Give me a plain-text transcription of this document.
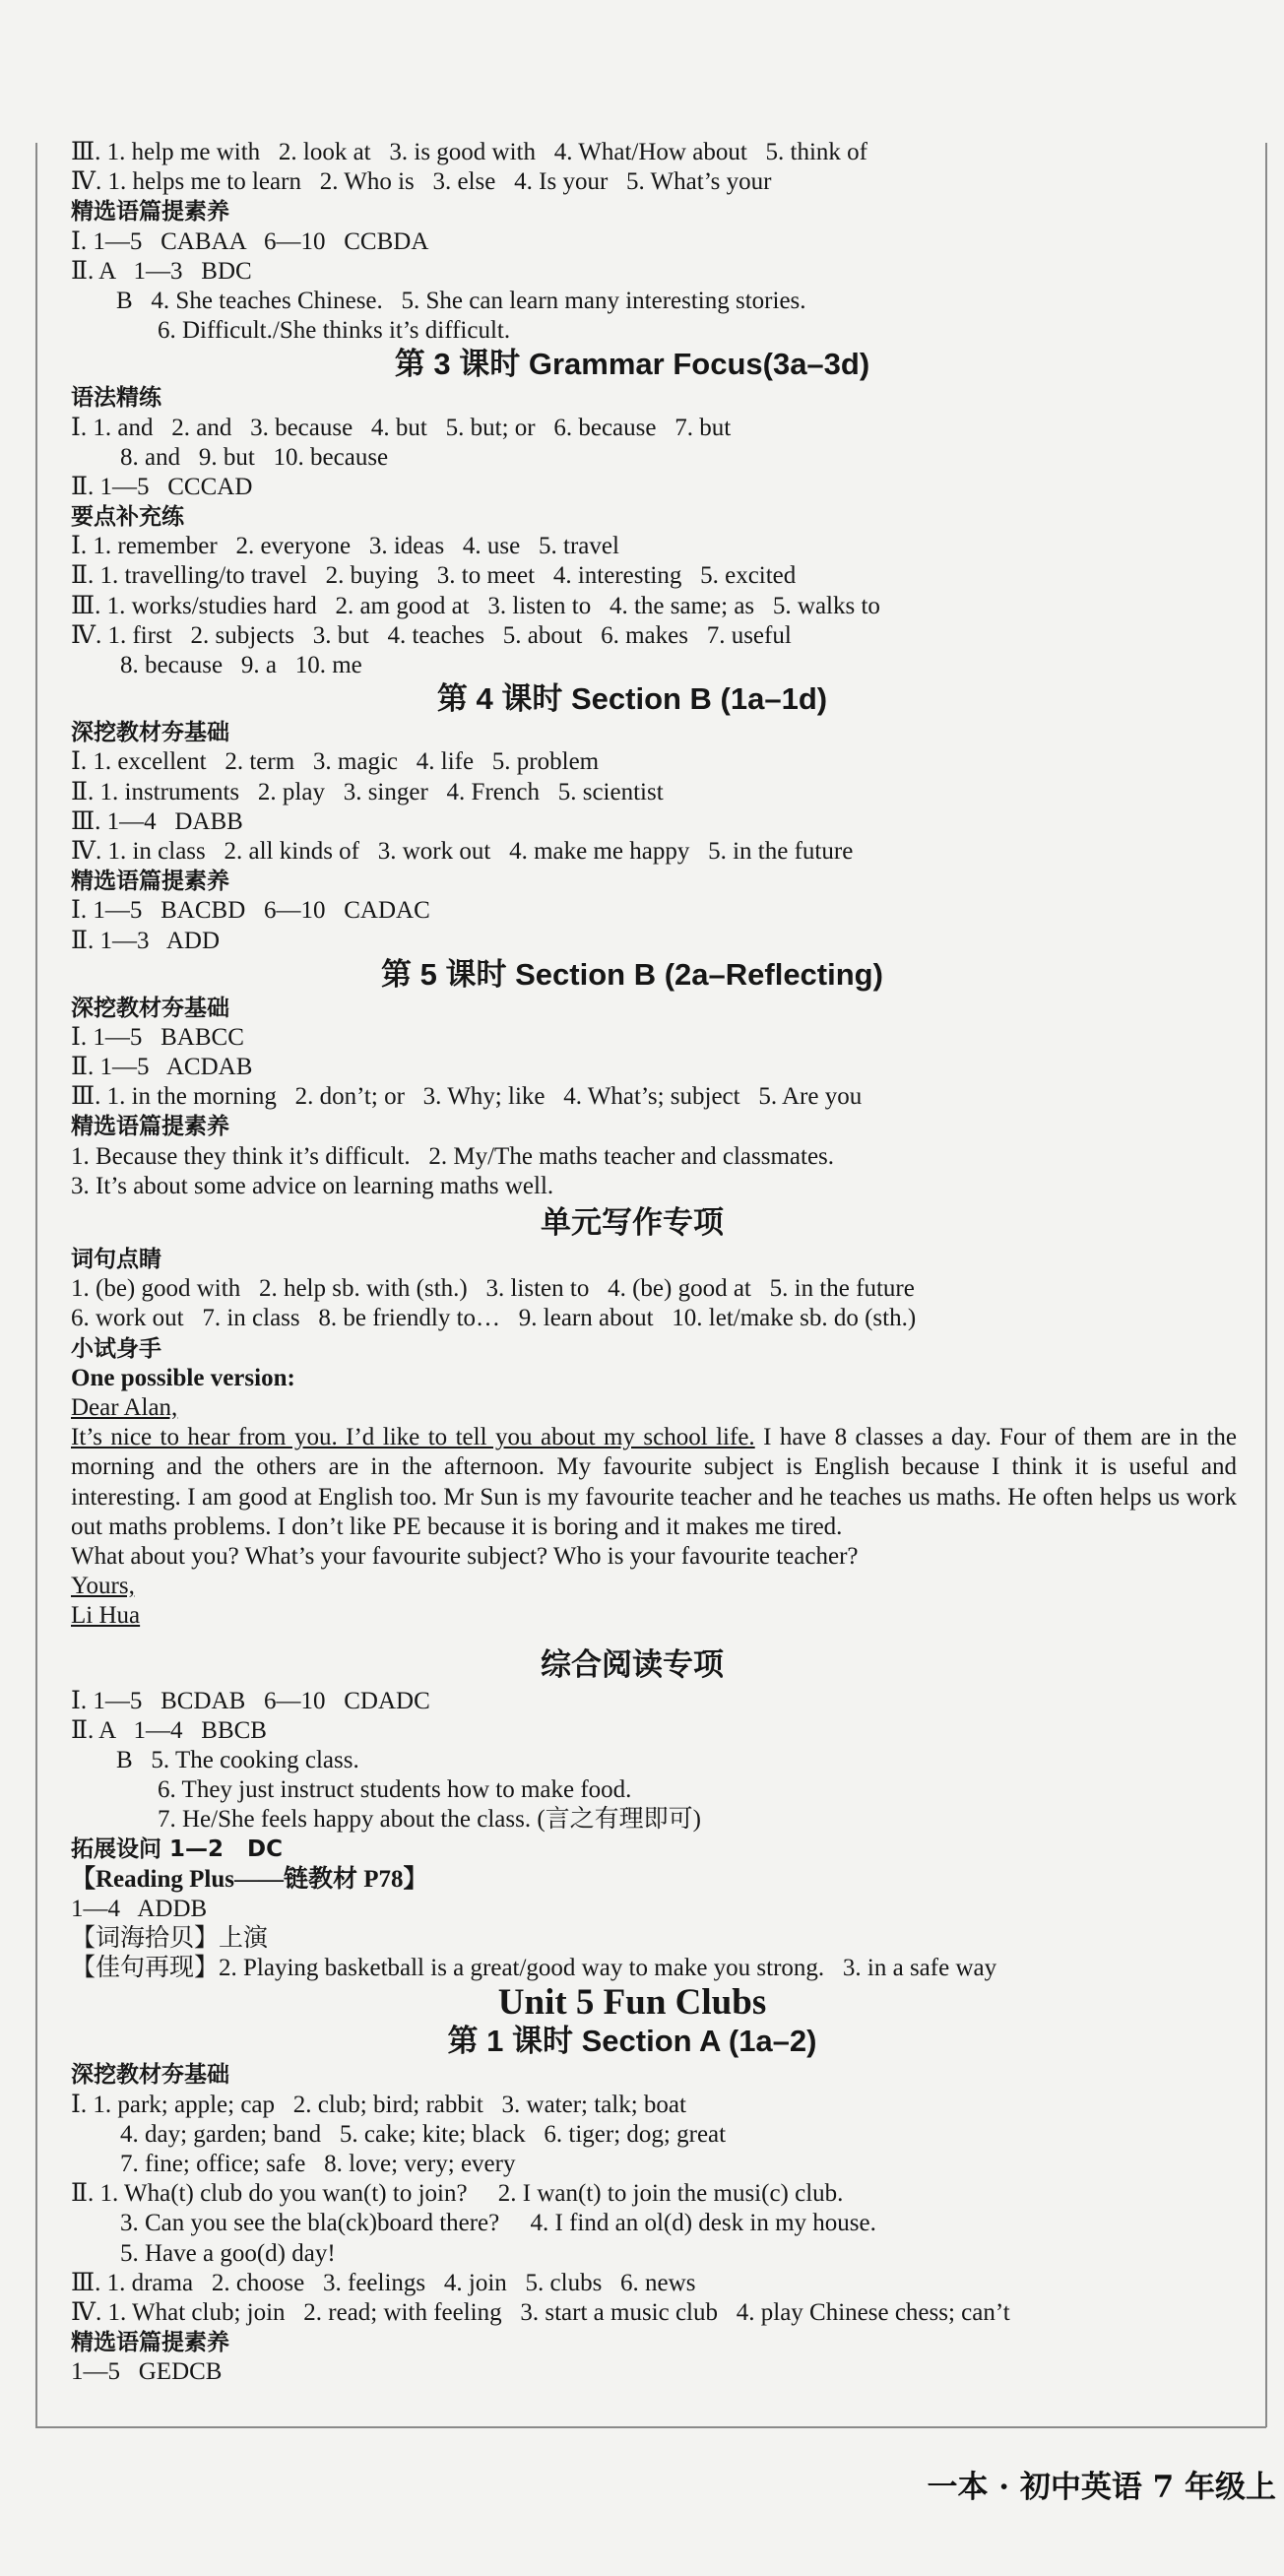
Ⅲ. 1. help me with   2. look at   3. is good with   4. What/How about   5. think of
Ⅳ. 1. helps me to learn   2. Who is   3. else   4. Is your   5. What’s your
精选语篇提素养
Ⅰ. 1—5   CABAA   6—10   CCBDA
Ⅱ. A   1—3   BDC
B   4. She teaches Chinese.   5. She can learn many interesting stories.
6. Difficult./She thinks it’s difficult.
第 3 课时 Grammar Focus(3a–3d)
语法精练
Ⅰ. 1. and   2. and   3. because   4. but   5. but; or   6. because   7. but
8. and   9. but   10. because
Ⅱ. 1—5   CCCAD
要点补充练
Ⅰ. 1. remember   2. everyone   3. ideas   4. use   5. travel
Ⅱ. 1. travelling/to travel   2. buying   3. to meet   4. interesting   5. excited
Ⅲ. 1. works/studies hard   2. am good at   3. listen to   4. the same; as   5. walks to
Ⅳ. 1. first   2. subjects   3. but   4. teaches   5. about   6. makes   7. useful
8. because   9. a   10. me
第 4 课时 Section B (1a–1d)
深挖教材夯基础
Ⅰ. 1. excellent   2. term   3. magic   4. life   5. problem
Ⅱ. 1. instruments   2. play   3. singer   4. French   5. scientist
Ⅲ. 1—4   DABB
Ⅳ. 1. in class   2. all kinds of   3. work out   4. make me happy   5. in the future
精选语篇提素养
Ⅰ. 1—5   BACBD   6—10   CADAC
Ⅱ. 1—3   ADD
第 5 课时 Section B (2a–Reflecting)
深挖教材夯基础
Ⅰ. 1—5   BABCC
Ⅱ. 1—5   ACDAB
Ⅲ. 1. in the morning   2. don’t; or   3. Why; like   4. What’s; subject   5. Are you
精选语篇提素养
1. Because they think it’s difficult.   2. My/The maths teacher and classmates.
3. It’s about some advice on learning maths well.
单元写作专项
词句点睛
1. (be) good with   2. help sb. with (sth.)   3. listen to   4. (be) good at   5. in the future
6. work out   7. in class   8. be friendly to…   9. learn about   10. let/make sb. do (sth.)
小试身手
One possible version:
Dear Alan,
It’s nice to hear from you. I’d like to tell you about my school life. I have 8 classes a day. Four of them are in the morning and the others are in the afternoon. My favourite subject is English because I think it is useful and interesting. I am good at English too. Mr Sun is my favourite teacher and he teaches us maths. He often helps us work out maths problems. I don’t like PE because it is boring and it makes me tired.
What about you? What’s your favourite subject? Who is your favourite teacher?
Yours,
Li Hua
综合阅读专项
Ⅰ. 1—5   BCDAB   6—10   CDADC
Ⅱ. A   1—4   BBCB
B   5. The cooking class.
6. They just instruct students how to make food.
7. He/She feels happy about the class. (言之有理即可)
拓展设问 1—2   DC
【Reading Plus——链教材 P78】
1—4   ADDB
【词海拾贝】上演
【佳句再现】2. Playing basketball is a great/good way to make you strong.   3. in a safe way
Unit 5 Fun Clubs
第 1 课时 Section A (1a–2)
深挖教材夯基础
Ⅰ. 1. park; apple; cap   2. club; bird; rabbit   3. water; talk; boat
4. day; garden; band   5. cake; kite; black   6. tiger; dog; great
7. fine; office; safe   8. love; very; every
Ⅱ. 1. Wha(t) club do you wan(t) to join?     2. I wan(t) to join the musi(c) club.
3. Can you see the bla(ck)board there?     4. I find an ol(d) desk in my house.
5. Have a goo(d) day!
Ⅲ. 1. drama   2. choose   3. feelings   4. join   5. clubs   6. news
Ⅳ. 1. What club; join   2. read; with feeling   3. start a music club   4. play Chinese chess; can’t
精选语篇提素养
1—5   GEDCB
一本 · 初中英语 7 年级上
